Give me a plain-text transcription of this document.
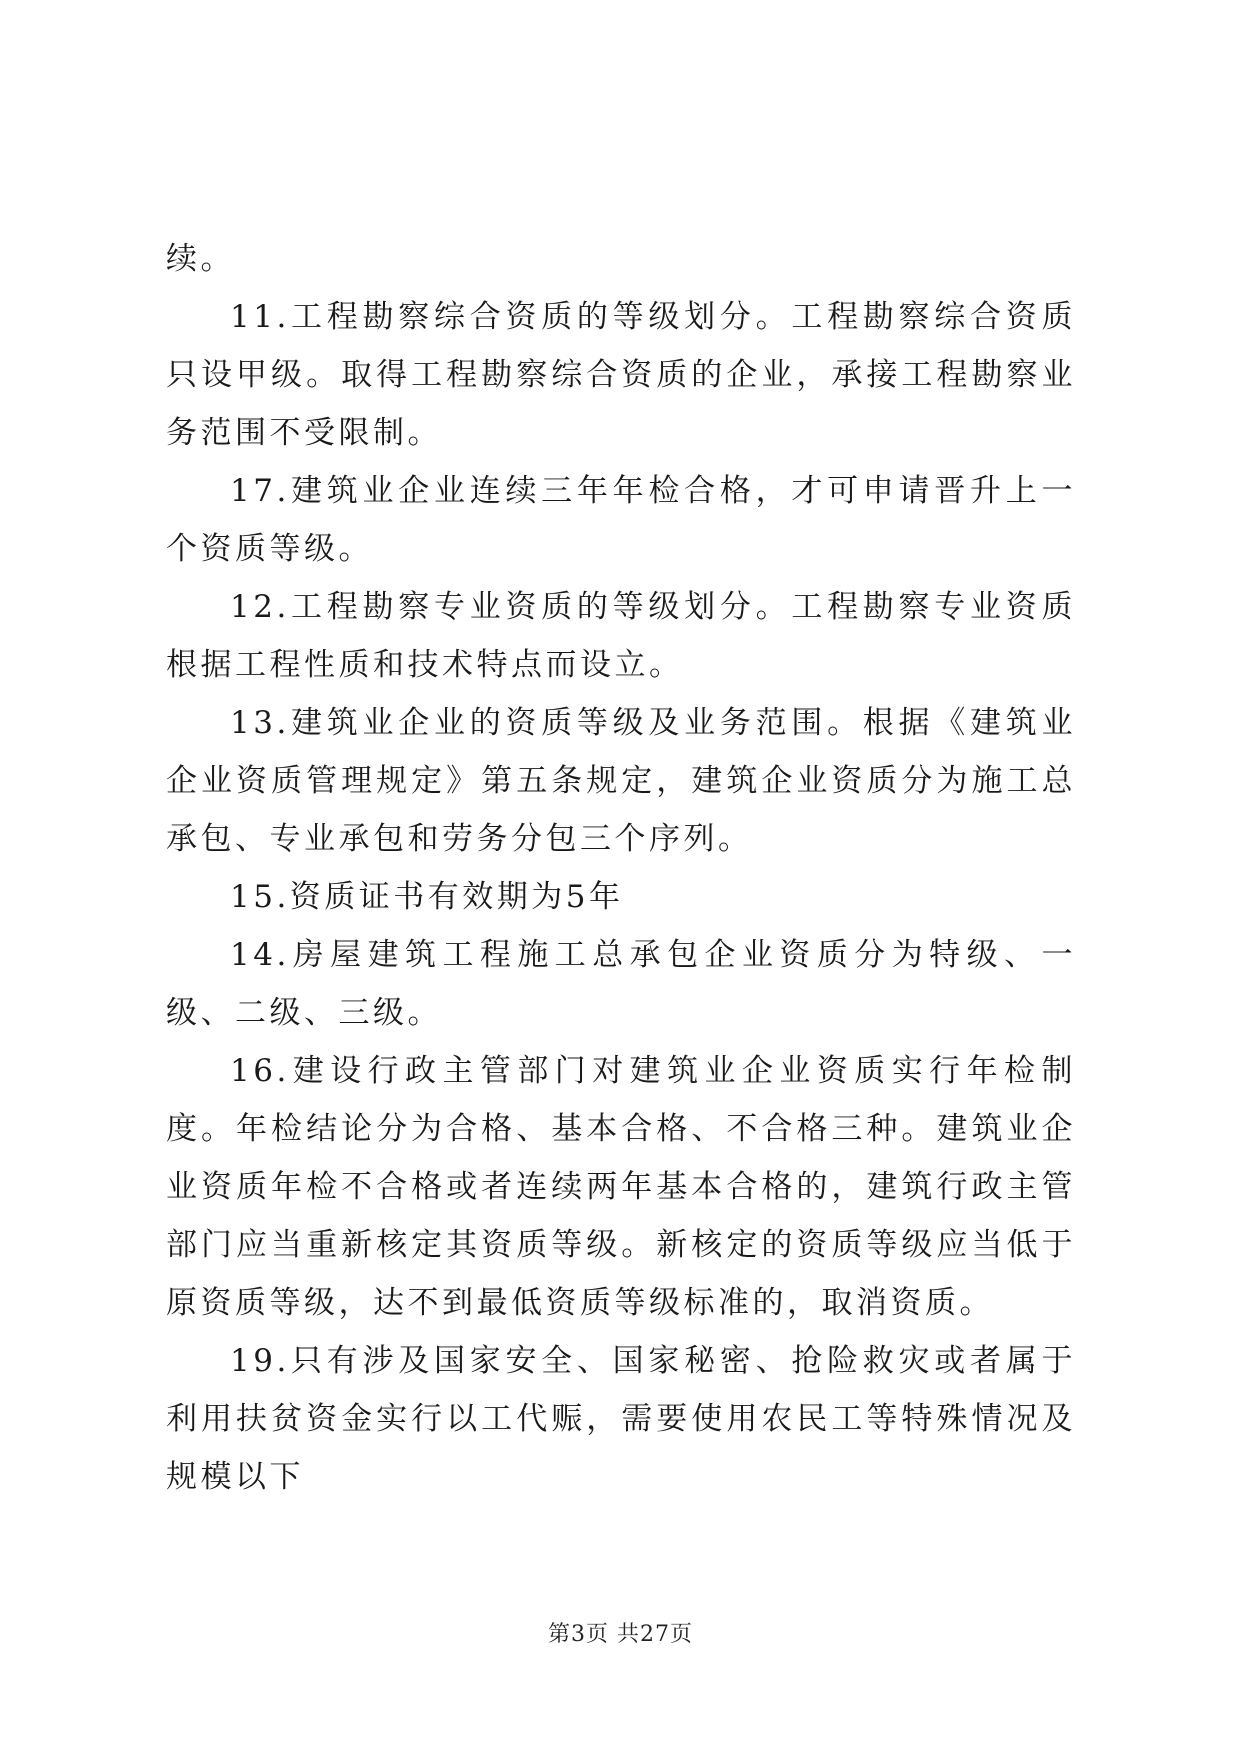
续。

11.工程勘察综合资质的等级划分。工程勘察综合资质只设甲级。取得工程勘察综合资质的企业，承接工程勘察业务范围不受限制。

17.建筑业企业连续三年年检合格，才可申请晋升上一个资质等级。

12.工程勘察专业资质的等级划分。工程勘察专业资质根据工程性质和技术特点而设立。

13.建筑业企业的资质等级及业务范围。根据《建筑业企业资质管理规定》第五条规定，建筑企业资质分为施工总承包、专业承包和劳务分包三个序列。

15.资质证书有效期为5年

14.房屋建筑工程施工总承包企业资质分为特级、一级、二级、三级。

16.建设行政主管部门对建筑业企业资质实行年检制度。年检结论分为合格、基本合格、不合格三种。建筑业企业资质年检不合格或者连续两年基本合格的，建筑行政主管部门应当重新核定其资质等级。新核定的资质等级应当低于原资质等级，达不到最低资质等级标准的，取消资质。

19.只有涉及国家安全、国家秘密、抢险救灾或者属于利用扶贫资金实行以工代赈，需要使用农民工等特殊情况及规模以下

第3页 共27页
